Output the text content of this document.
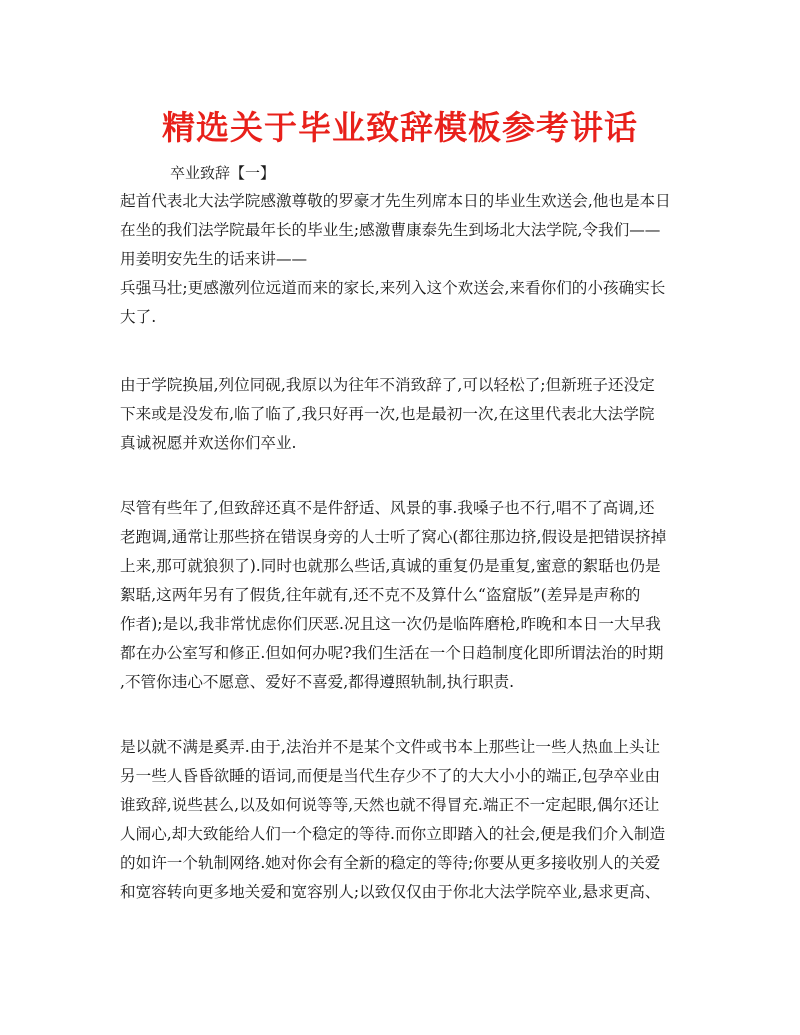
精选关于毕业致辞模板参考讲话

卒业致辞【一】

起首代表北大法学院感激尊敬的罗豪才先生列席本日的毕业生欢送会,他也是本日
在坐的我们法学院最年长的毕业生;感激曹康泰先生到场北大法学院,令我们——
用姜明安先生的话来讲——
兵强马壮;更感激列位远道而来的家长,来列入这个欢送会,来看你们的小孩确实长
大了.

由于学院换届,列位同砚,我原以为往年不消致辞了,可以轻松了;但新班子还没定
下来或是没发布,临了临了,我只好再一次,也是最初一次,在这里代表北大法学院
真诚祝愿并欢送你们卒业.

尽管有些年了,但致辞还真不是件舒适、风景的事.我嗓子也不行,唱不了高调,还
老跑调,通常让那些挤在错误身旁的人士听了窝心(都往那边挤,假设是把错误挤掉
上来,那可就狼狈了).同时也就那么些话,真诚的重复仍是重复,蜜意的絮聒也仍是
絮聒,这两年另有了假货,往年就有,还不克不及算什么“盗窟版”(差异是声称的
作者);是以,我非常忧虑你们厌恶.况且这一次仍是临阵磨枪,昨晚和本日一大早我
都在办公室写和修正.但如何办呢?我们生活在一个日趋制度化即所谓法治的时期
,不管你违心不愿意、爱好不喜爱,都得遵照轨制,执行职责.

是以就不满是奚弄.由于,法治并不是某个文件或书本上那些让一些人热血上头让
另一些人昏昏欲睡的语词,而便是当代生存少不了的大大小小的端正,包孕卒业由
谁致辞,说些甚么,以及如何说等等,天然也就不得冒充.端正不一定起眼,偶尔还让
人闹心,却大致能给人们一个稳定的等待.而你立即踏入的社会,便是我们介入制造
的如许一个轨制网络.她对你会有全新的稳定的等待;你要从更多接收别人的关爱
和宽容转向更多地关爱和宽容别人;以致仅仅由于你北大法学院卒业,悬求更高、
